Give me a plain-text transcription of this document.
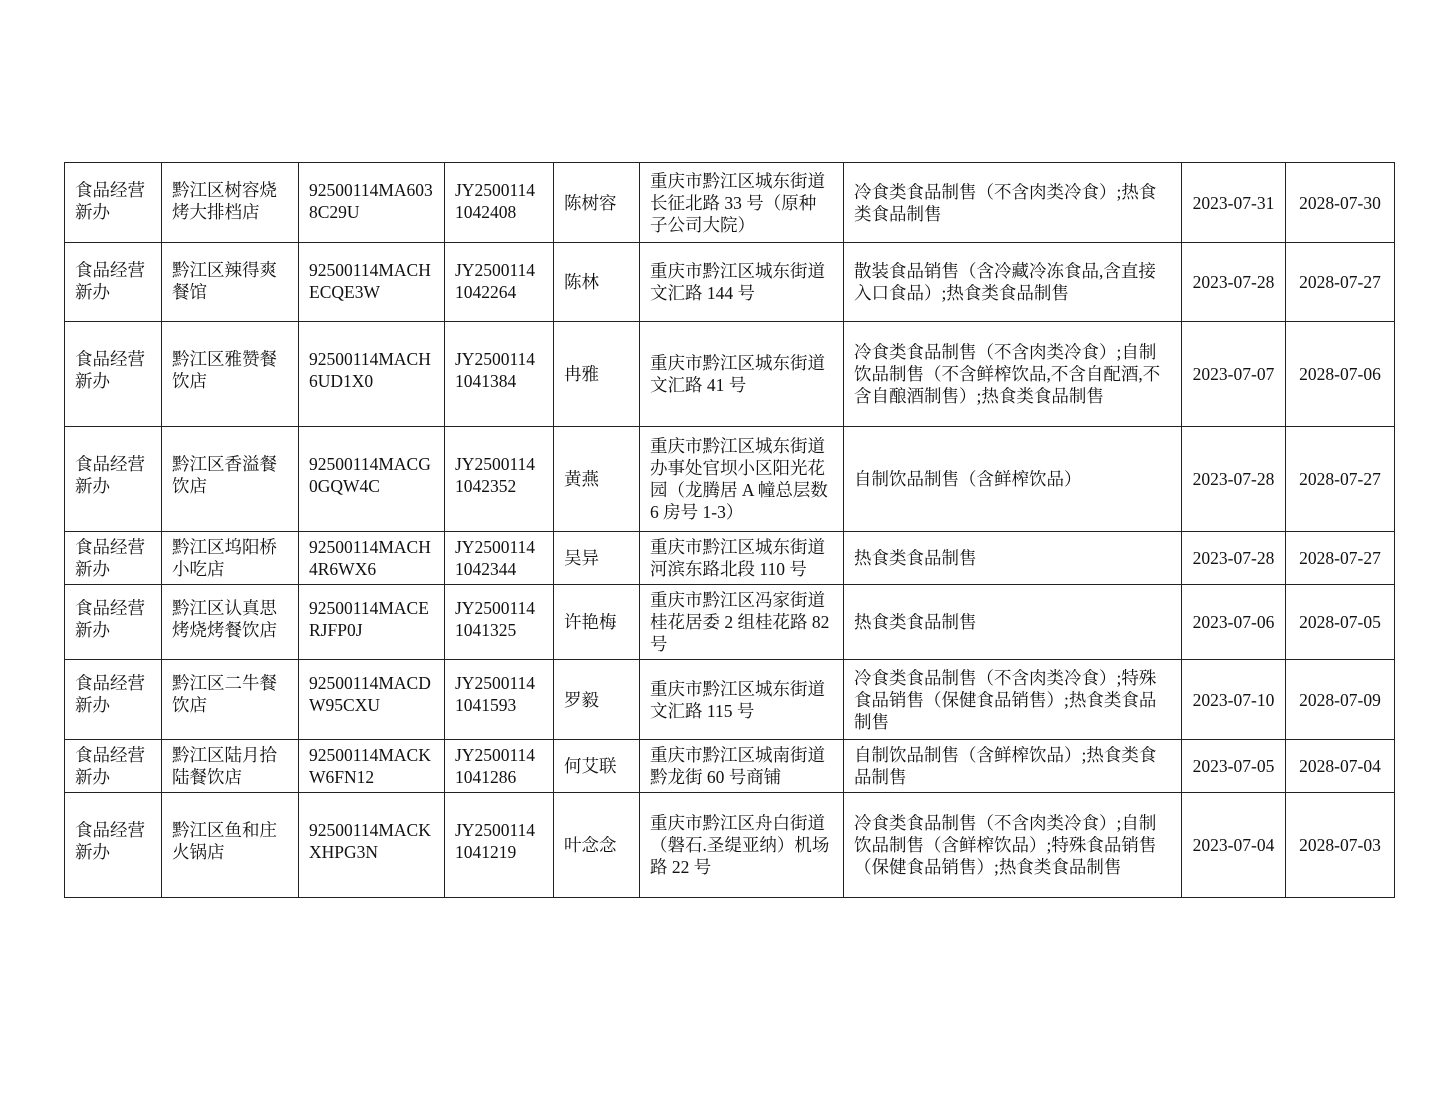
食品经营新办	黔江区树容烧烤大排档店	92500114MA6038C29U	JY25001141042408	陈树容	重庆市黔江区城东街道长征北路 33 号（原种子公司大院）	冷食类食品制售（不含肉类冷食）;热食类食品制售	2023-07-31	2028-07-30
食品经营新办	黔江区辣得爽餐馆	92500114MACHECQE3W	JY25001141042264	陈林	重庆市黔江区城东街道文汇路 144 号	散装食品销售（含冷藏冷冻食品,含直接入口食品）;热食类食品制售	2023-07-28	2028-07-27
食品经营新办	黔江区雅赞餐饮店	92500114MACH6UD1X0	JY25001141041384	冉雅	重庆市黔江区城东街道文汇路 41 号	冷食类食品制售（不含肉类冷食）;自制饮品制售（不含鲜榨饮品,不含自配酒,不含自酿酒制售）;热食类食品制售	2023-07-07	2028-07-06
食品经营新办	黔江区香溢餐饮店	92500114MACG0GQW4C	JY25001141042352	黄燕	重庆市黔江区城东街道办事处官坝小区阳光花园（龙腾居 A 幢总层数 6 房号 1-3）	自制饮品制售（含鲜榨饮品）	2023-07-28	2028-07-27
食品经营新办	黔江区坞阳桥小吃店	92500114MACH4R6WX6	JY25001141042344	吴异	重庆市黔江区城东街道河滨东路北段 110 号	热食类食品制售	2023-07-28	2028-07-27
食品经营新办	黔江区认真思烤烧烤餐饮店	92500114MACERJFP0J	JY25001141041325	许艳梅	重庆市黔江区冯家街道桂花居委 2 组桂花路 82 号	热食类食品制售	2023-07-06	2028-07-05
食品经营新办	黔江区二牛餐饮店	92500114MACDW95CXU	JY25001141041593	罗毅	重庆市黔江区城东街道文汇路 115 号	冷食类食品制售（不含肉类冷食）;特殊食品销售（保健食品销售）;热食类食品制售	2023-07-10	2028-07-09
食品经营新办	黔江区陆月拾陆餐饮店	92500114MACKW6FN12	JY25001141041286	何艾联	重庆市黔江区城南街道黔龙街 60 号商铺	自制饮品制售（含鲜榨饮品）;热食类食品制售	2023-07-05	2028-07-04
食品经营新办	黔江区鱼和庄火锅店	92500114MACKXHPG3N	JY25001141041219	叶念念	重庆市黔江区舟白街道（磐石.圣缇亚纳）机场路 22 号	冷食类食品制售（不含肉类冷食）;自制饮品制售（含鲜榨饮品）;特殊食品销售（保健食品销售）;热食类食品制售	2023-07-04	2028-07-03
